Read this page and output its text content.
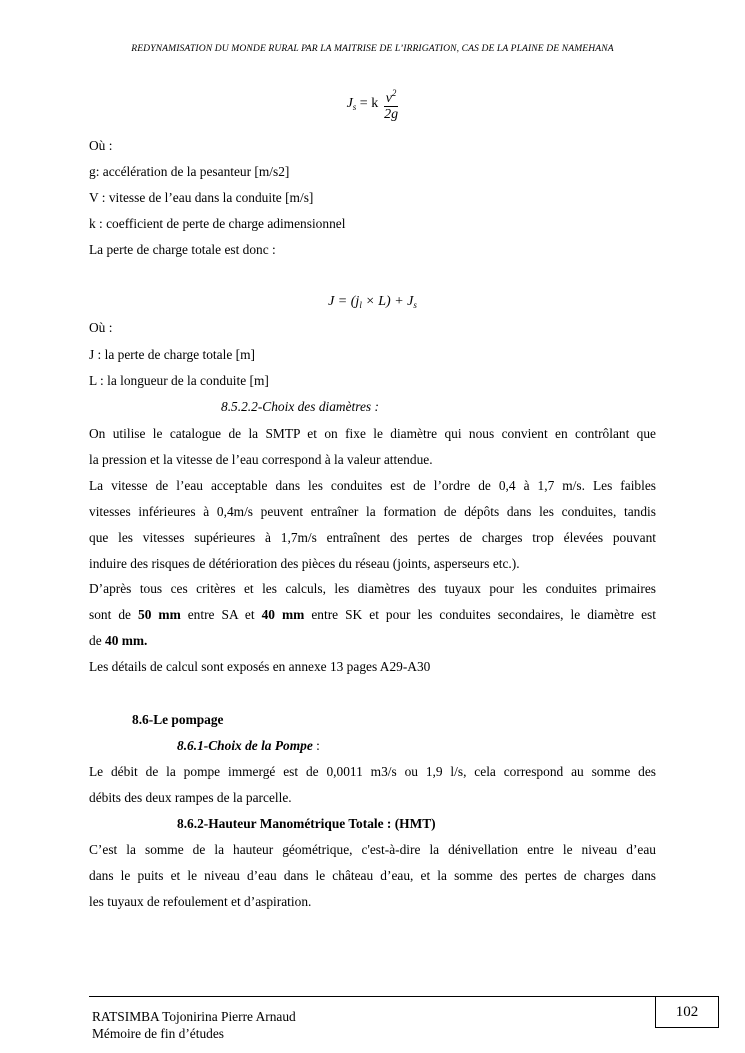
REDYNAMISATION DU MONDE RURAL PAR LA MAITRISE DE L’IRRIGATION, CAS DE LA PLAINE DE NAMEHANA
$J_s = k \frac{v^2}{2g}$
Où :
g: accélération de la pesanteur [m/s2]
V : vitesse de l’eau dans la conduite [m/s]
k : coefficient de perte de charge adimensionnel
La perte de charge totale est donc :
$J = (j_l \times L) + J_s$
Où :
J : la perte de charge totale [m]
L : la longueur de la conduite [m]
8.5.2.2-Choix des diamètres :
On utilise le catalogue de la SMTP et on fixe le diamètre qui nous convient en contrôlant que
la pression et la vitesse de l’eau correspond à la valeur attendue.
La vitesse de l’eau acceptable dans les conduites est de l’ordre de 0,4 à 1,7 m/s. Les faibles
vitesses inférieures à 0,4m/s peuvent entraîner la formation de dépôts dans les conduites, tandis
que les vitesses supérieures à 1,7m/s entraînent des pertes de charges trop élevées pouvant
induire des risques de détérioration des pièces du réseau (joints, asperseurs etc.).
D’après tous ces critères et les calculs, les diamètres des tuyaux pour les conduites primaires
sont de 50 mm entre SA et 40 mm entre SK et pour les conduites secondaires, le diamètre est
de 40 mm.
Les détails de calcul sont exposés en annexe 13 pages A29-A30
8.6-Le pompage
8.6.1-Choix de la Pompe :
Le débit de la pompe immergé est de 0,0011 m3/s ou 1,9 l/s, cela correspond au somme des
débits des deux rampes de la parcelle.
8.6.2-Hauteur Manométrique Totale : (HMT)
C’est la somme de la hauteur géométrique, c'est-à-dire la dénivellation entre le niveau d’eau
dans le puits et le niveau d’eau dans le château d’eau, et la somme des pertes de charges dans
les tuyaux de refoulement et d’aspiration.
102
RATSIMBA Tojonirina Pierre Arnaud
Mémoire de fin d’études
